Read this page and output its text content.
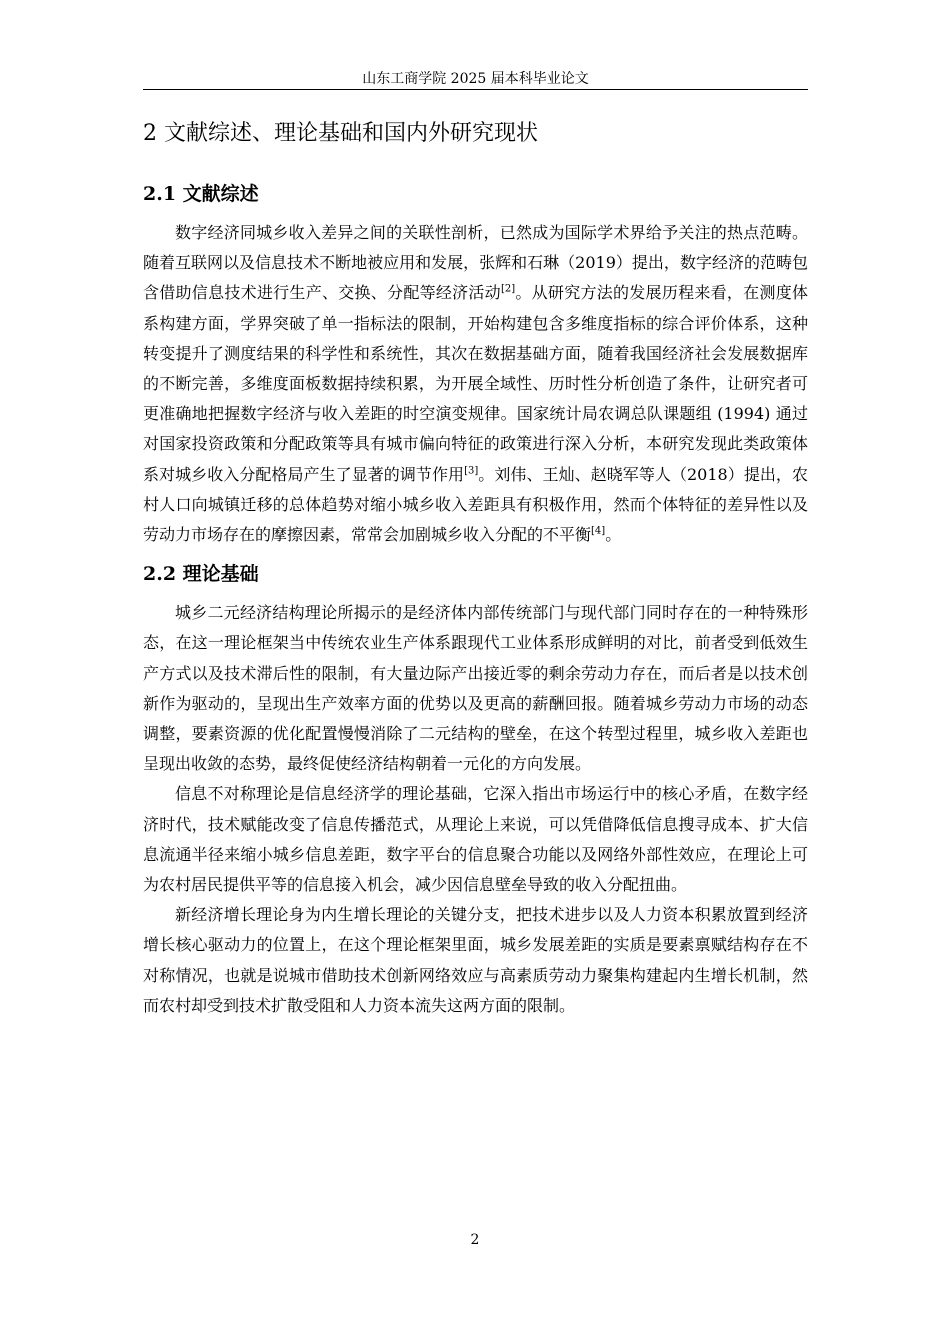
山东工商学院 2025 届本科毕业论文
2 文献综述、理论基础和国内外研究现状
2.1 文献综述

数字经济同城乡收入差异之间的关联性剖析，已然成为国际学术界给予关注的热点范畴。随着互联网以及信息技术不断地被应用和发展，张辉和石琳（2019）提出，数字经济的范畴包含借助信息技术进行生产、交换、分配等经济活动[2]。从研究方法的发展历程来看，在测度体系构建方面，学界突破了单一指标法的限制，开始构建包含多维度指标的综合评价体系，这种转变提升了测度结果的科学性和系统性，其次在数据基础方面，随着我国经济社会发展数据库的不断完善，多维度面板数据持续积累，为开展全域性、历时性分析创造了条件，让研究者可更准确地把握数字经济与收入差距的时空演变规律。国家统计局农调总队课题组 (1994) 通过对国家投资政策和分配政策等具有城市偏向特征的政策进行深入分析，本研究发现此类政策体系对城乡收入分配格局产生了显著的调节作用[3]。刘伟、王灿、赵晓军等人（2018）提出，农村人口向城镇迁移的总体趋势对缩小城乡收入差距具有积极作用，然而个体特征的差异性以及劳动力市场存在的摩擦因素，常常会加剧城乡收入分配的不平衡[4]。

2.2 理论基础

城乡二元经济结构理论所揭示的是经济体内部传统部门与现代部门同时存在的一种特殊形态，在这一理论框架当中传统农业生产体系跟现代工业体系形成鲜明的对比，前者受到低效生产方式以及技术滞后性的限制，有大量边际产出接近零的剩余劳动力存在，而后者是以技术创新作为驱动的，呈现出生产效率方面的优势以及更高的薪酬回报。随着城乡劳动力市场的动态调整，要素资源的优化配置慢慢消除了二元结构的壁垒，在这个转型过程里，城乡收入差距也呈现出收敛的态势，最终促使经济结构朝着一元化的方向发展。

信息不对称理论是信息经济学的理论基础，它深入指出市场运行中的核心矛盾，在数字经济时代，技术赋能改变了信息传播范式，从理论上来说，可以凭借降低信息搜寻成本、扩大信息流通半径来缩小城乡信息差距，数字平台的信息聚合功能以及网络外部性效应，在理论上可为农村居民提供平等的信息接入机会，减少因信息壁垒导致的收入分配扭曲。

新经济增长理论身为内生增长理论的关键分支，把技术进步以及人力资本积累放置到经济增长核心驱动力的位置上，在这个理论框架里面，城乡发展差距的实质是要素禀赋结构存在不对称情况，也就是说城市借助技术创新网络效应与高素质劳动力聚集构建起内生增长机制，然而农村却受到技术扩散受阻和人力资本流失这两方面的限制。

2
